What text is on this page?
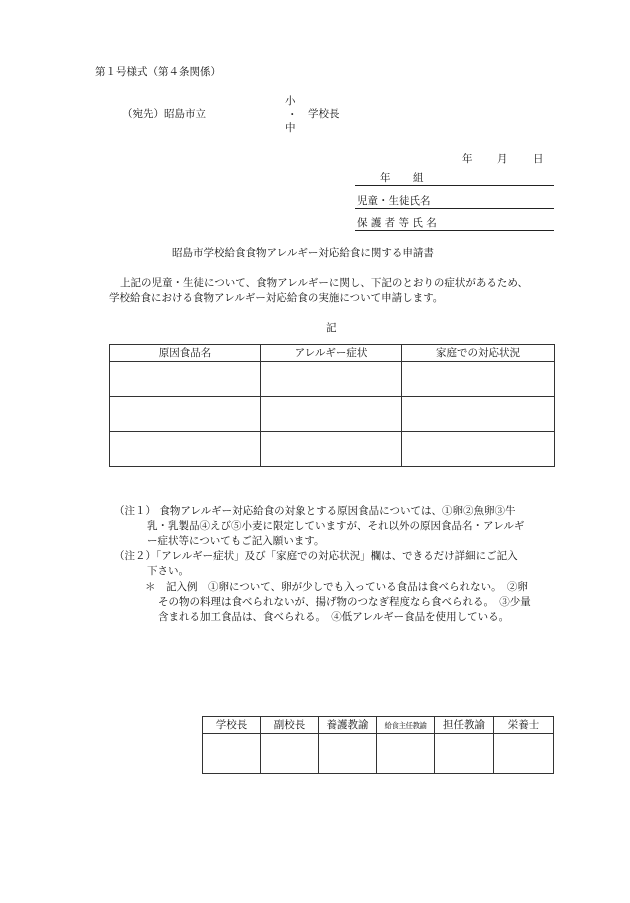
第１号様式（第４条関係）
（宛先）昭島市立
小
・
中
学校長
年 月 日
年 組
児童・生徒氏名
保 護 者 等 氏 名
昭島市学校給食食物アレルギー対応給食に関する申請書
上記の児童・生徒について、食物アレルギーに関し、下記のとおりの症状があるため、
学校給食における食物アレルギー対応給食の実施について申請します。
記
原因食品名	アレルギー症状	家庭での対応状況

（注１） 食物アレルギー対応給食の対象とする原因食品については、①卵②魚卵③牛
乳・乳製品④えび⑤小麦に限定していますが、それ以外の原因食品名・アレルギ
ー症状等についてもご記入願います。
（注２）「アレルギー症状」及び「家庭での対応状況」欄は、できるだけ詳細にご記入
下さい。
＊　記入例　①卵について、卵が少しでも入っている食品は食べられない。　②卵
その物の料理は食べられないが、揚げ物のつなぎ程度なら食べられる。　③少量
含まれる加工食品は、食べられる。　④低アレルギー食品を使用している。
学校長	副校長	養護教諭	給食主任教諭	担任教諭	栄養士
